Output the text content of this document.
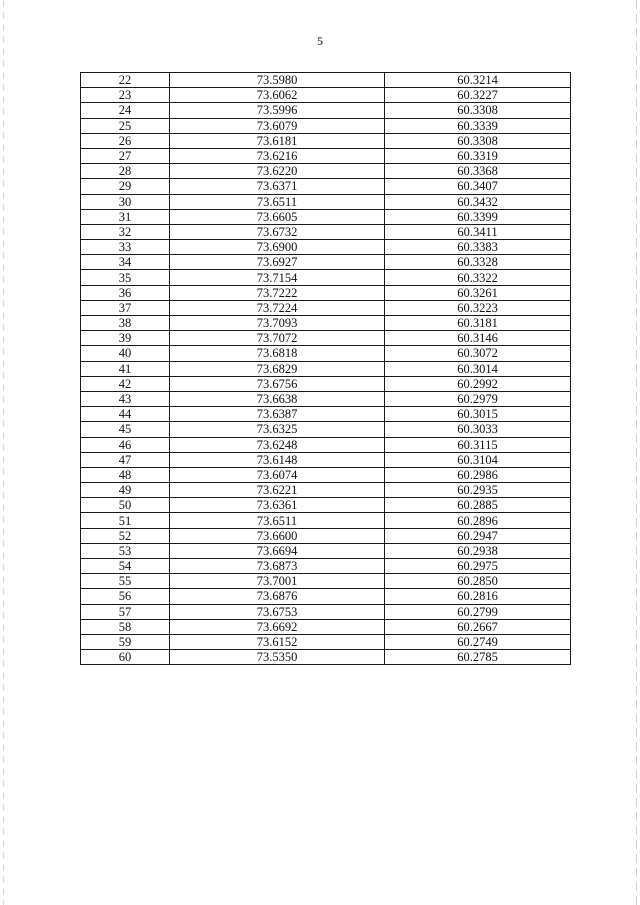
5
22	73.5980	60.3214
23	73.6062	60.3227
24	73.5996	60.3308
25	73.6079	60.3339
26	73.6181	60.3308
27	73.6216	60.3319
28	73.6220	60.3368
29	73.6371	60.3407
30	73.6511	60.3432
31	73.6605	60.3399
32	73.6732	60.3411
33	73.6900	60.3383
34	73.6927	60.3328
35	73.7154	60.3322
36	73.7222	60.3261
37	73.7224	60.3223
38	73.7093	60.3181
39	73.7072	60.3146
40	73.6818	60.3072
41	73.6829	60.3014
42	73.6756	60.2992
43	73.6638	60.2979
44	73.6387	60.3015
45	73.6325	60.3033
46	73.6248	60.3115
47	73.6148	60.3104
48	73.6074	60.2986
49	73.6221	60.2935
50	73.6361	60.2885
51	73.6511	60.2896
52	73.6600	60.2947
53	73.6694	60.2938
54	73.6873	60.2975
55	73.7001	60.2850
56	73.6876	60.2816
57	73.6753	60.2799
58	73.6692	60.2667
59	73.6152	60.2749
60	73.5350	60.2785
